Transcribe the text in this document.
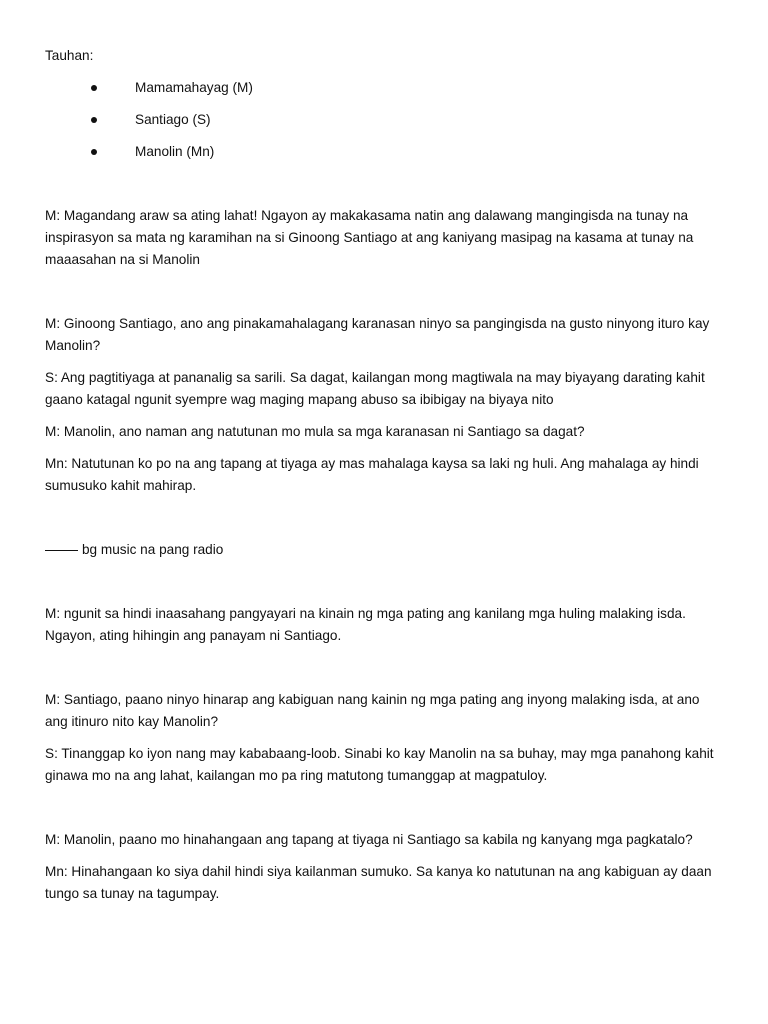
Tauhan:

Mamamahayag (M)
Santiago (S)
Manolin (Mn)

M: Magandang araw sa ating lahat! Ngayon ay makakasama natin ang dalawang mangingisda na tunay na inspirasyon sa mata ng karamihan na si Ginoong Santiago at ang kaniyang masipag na kasama at tunay na maaasahan na si Manolin

M: Ginoong Santiago, ano ang pinakamahalagang karanasan ninyo sa pangingisda na gusto ninyong ituro kay Manolin?

S: Ang pagtitiyaga at pananalig sa sarili. Sa dagat, kailangan mong magtiwala na may biyayang darating kahit gaano katagal ngunit syempre wag maging mapang abuso sa ibibigay na biyaya nito

M: Manolin, ano naman ang natutunan mo mula sa mga karanasan ni Santiago sa dagat?

Mn: Natutunan ko po na ang tapang at tiyaga ay mas mahalaga kaysa sa laki ng huli. Ang mahalaga ay hindi sumusuko kahit mahirap.

bg music na pang radio

M: ngunit sa hindi inaasahang pangyayari na kinain ng mga pating ang kanilang mga huling malaking isda. Ngayon, ating hihingin ang panayam ni Santiago.

M: Santiago, paano ninyo hinarap ang kabiguan nang kainin ng mga pating ang inyong malaking isda, at ano ang itinuro nito kay Manolin?

S: Tinanggap ko iyon nang may kababaang-loob. Sinabi ko kay Manolin na sa buhay, may mga panahong kahit ginawa mo na ang lahat, kailangan mo pa ring matutong tumanggap at magpatuloy.

M: Manolin, paano mo hinahangaan ang tapang at tiyaga ni Santiago sa kabila ng kanyang mga pagkatalo?

Mn: Hinahangaan ko siya dahil hindi siya kailanman sumuko. Sa kanya ko natutunan na ang kabiguan ay daan tungo sa tunay na tagumpay.
